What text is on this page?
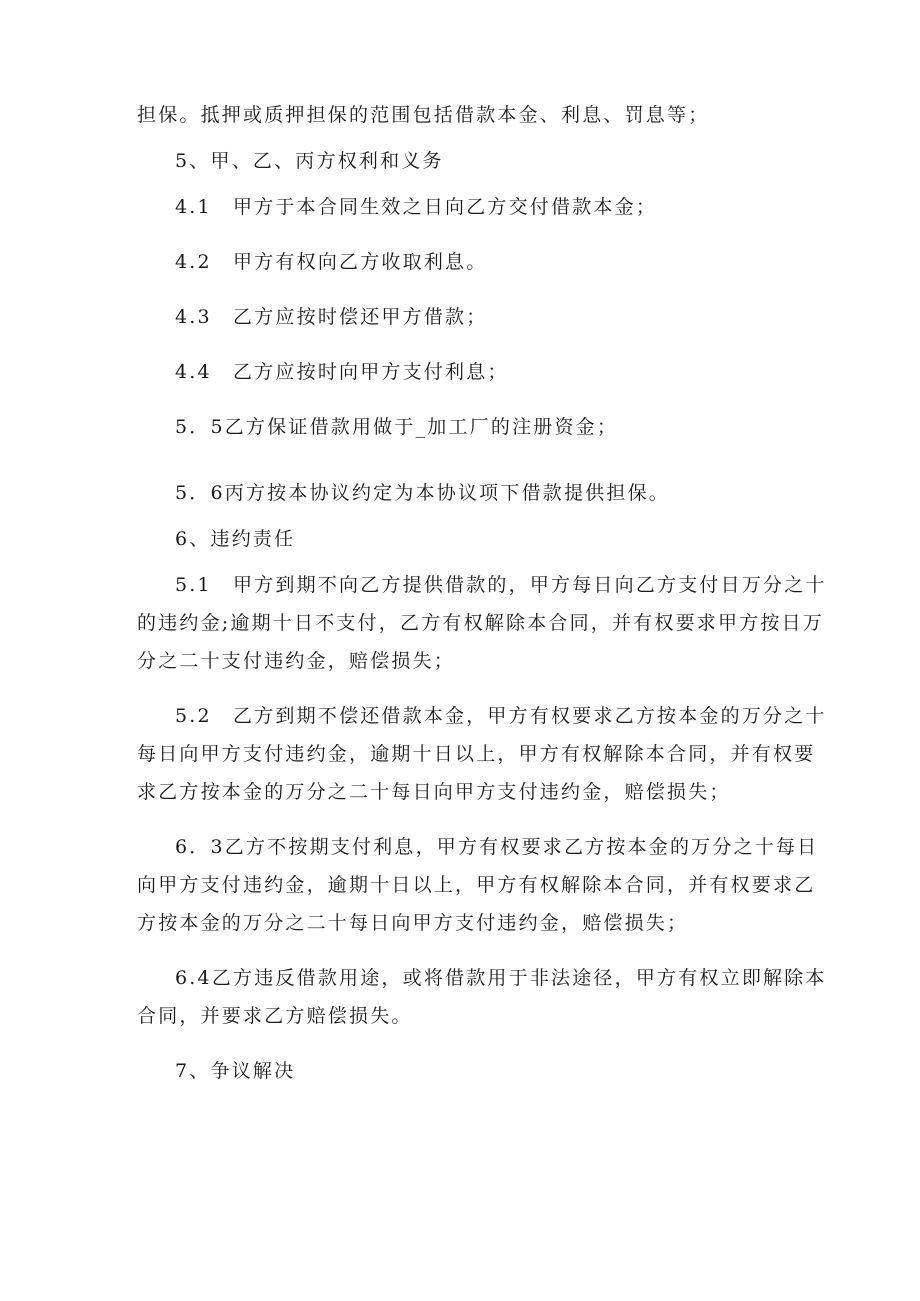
担保。抵押或质押担保的范围包括借款本金、利息、罚息等；
5、甲、乙、丙方权利和义务
4.1　甲方于本合同生效之日向乙方交付借款本金；
4.2　甲方有权向乙方收取利息。
4.3　乙方应按时偿还甲方借款；
4.4　乙方应按时向甲方支付利息；
5．5乙方保证借款用做于_加工厂的注册资金；
5．6丙方按本协议约定为本协议项下借款提供担保。
6、违约责任
5.1　甲方到期不向乙方提供借款的，甲方每日向乙方支付日万分之十
的违约金;逾期十日不支付，乙方有权解除本合同，并有权要求甲方按日万
分之二十支付违约金，赔偿损失；
5.2　乙方到期不偿还借款本金，甲方有权要求乙方按本金的万分之十
每日向甲方支付违约金，逾期十日以上，甲方有权解除本合同，并有权要
求乙方按本金的万分之二十每日向甲方支付违约金，赔偿损失；
6．3乙方不按期支付利息，甲方有权要求乙方按本金的万分之十每日
向甲方支付违约金，逾期十日以上，甲方有权解除本合同，并有权要求乙
方按本金的万分之二十每日向甲方支付违约金，赔偿损失；
6.4乙方违反借款用途，或将借款用于非法途径，甲方有权立即解除本
合同，并要求乙方赔偿损失。
7、争议解决
